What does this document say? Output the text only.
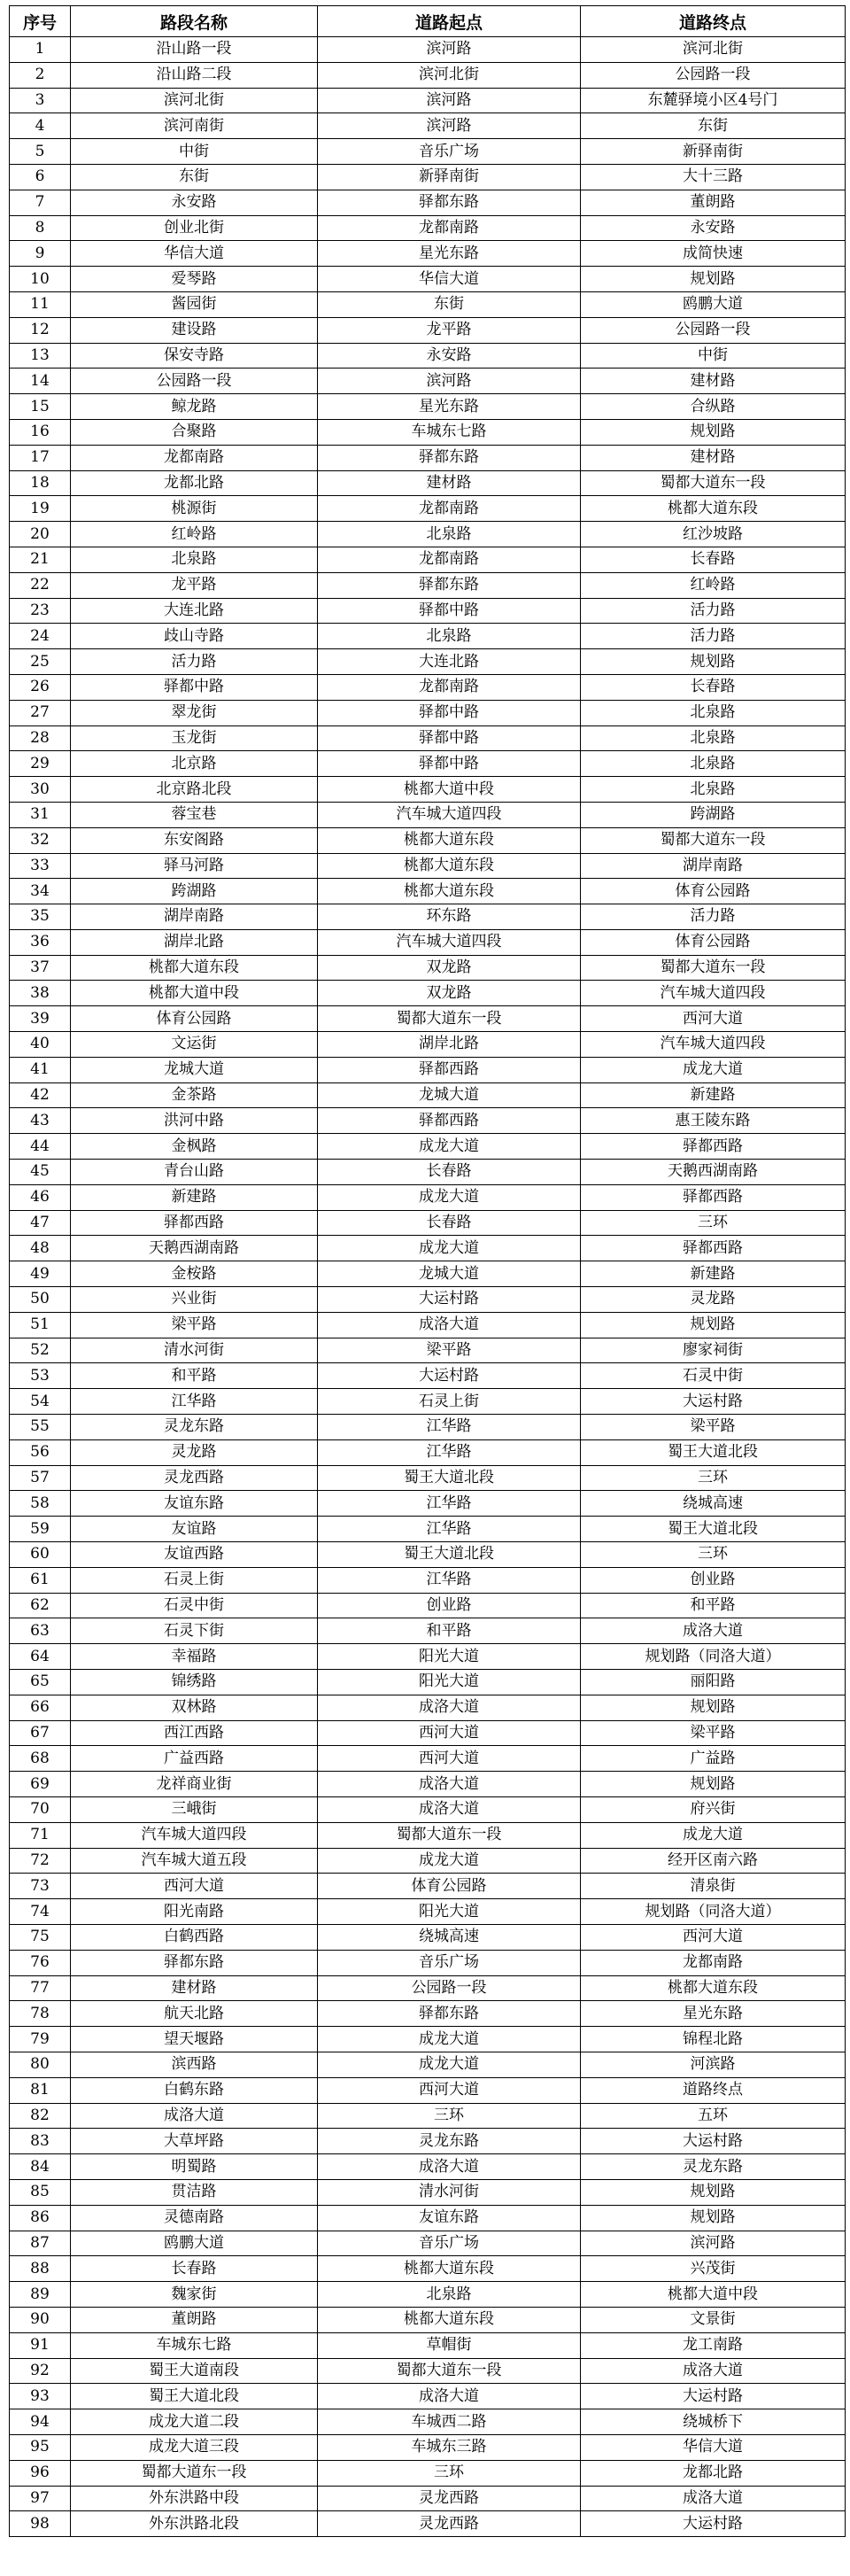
序号	路段名称	道路起点	道路终点
1	沿山路一段	滨河路	滨河北街
2	沿山路二段	滨河北街	公园路一段
3	滨河北街	滨河路	东麓驿境小区4号门
4	滨河南街	滨河路	东街
5	中街	音乐广场	新驿南街
6	东街	新驿南街	大十三路
7	永安路	驿都东路	董朗路
8	创业北街	龙都南路	永安路
9	华信大道	星光东路	成简快速
10	爱琴路	华信大道	规划路
11	酱园街	东街	鸥鹏大道
12	建设路	龙平路	公园路一段
13	保安寺路	永安路	中街
14	公园路一段	滨河路	建材路
15	鲸龙路	星光东路	合纵路
16	合聚路	车城东七路	规划路
17	龙都南路	驿都东路	建材路
18	龙都北路	建材路	蜀都大道东一段
19	桃源街	龙都南路	桃都大道东段
20	红岭路	北泉路	红沙坡路
21	北泉路	龙都南路	长春路
22	龙平路	驿都东路	红岭路
23	大连北路	驿都中路	活力路
24	歧山寺路	北泉路	活力路
25	活力路	大连北路	规划路
26	驿都中路	龙都南路	长春路
27	翠龙街	驿都中路	北泉路
28	玉龙街	驿都中路	北泉路
29	北京路	驿都中路	北泉路
30	北京路北段	桃都大道中段	北泉路
31	蓉宝巷	汽车城大道四段	跨湖路
32	东安阁路	桃都大道东段	蜀都大道东一段
33	驿马河路	桃都大道东段	湖岸南路
34	跨湖路	桃都大道东段	体育公园路
35	湖岸南路	环东路	活力路
36	湖岸北路	汽车城大道四段	体育公园路
37	桃都大道东段	双龙路	蜀都大道东一段
38	桃都大道中段	双龙路	汽车城大道四段
39	体育公园路	蜀都大道东一段	西河大道
40	文运街	湖岸北路	汽车城大道四段
41	龙城大道	驿都西路	成龙大道
42	金茶路	龙城大道	新建路
43	洪河中路	驿都西路	惠王陵东路
44	金枫路	成龙大道	驿都西路
45	青台山路	长春路	天鹅西湖南路
46	新建路	成龙大道	驿都西路
47	驿都西路	长春路	三环
48	天鹅西湖南路	成龙大道	驿都西路
49	金桉路	龙城大道	新建路
50	兴业街	大运村路	灵龙路
51	梁平路	成洛大道	规划路
52	清水河街	梁平路	廖家祠街
53	和平路	大运村路	石灵中街
54	江华路	石灵上街	大运村路
55	灵龙东路	江华路	梁平路
56	灵龙路	江华路	蜀王大道北段
57	灵龙西路	蜀王大道北段	三环
58	友谊东路	江华路	绕城高速
59	友谊路	江华路	蜀王大道北段
60	友谊西路	蜀王大道北段	三环
61	石灵上街	江华路	创业路
62	石灵中街	创业路	和平路
63	石灵下街	和平路	成洛大道
64	幸福路	阳光大道	规划路（同洛大道）
65	锦绣路	阳光大道	丽阳路
66	双林路	成洛大道	规划路
67	西江西路	西河大道	梁平路
68	广益西路	西河大道	广益路
69	龙祥商业街	成洛大道	规划路
70	三峨街	成洛大道	府兴街
71	汽车城大道四段	蜀都大道东一段	成龙大道
72	汽车城大道五段	成龙大道	经开区南六路
73	西河大道	体育公园路	清泉街
74	阳光南路	阳光大道	规划路（同洛大道）
75	白鹤西路	绕城高速	西河大道
76	驿都东路	音乐广场	龙都南路
77	建材路	公园路一段	桃都大道东段
78	航天北路	驿都东路	星光东路
79	望天堰路	成龙大道	锦程北路
80	滨西路	成龙大道	河滨路
81	白鹤东路	西河大道	道路终点
82	成洛大道	三环	五环
83	大草坪路	灵龙东路	大运村路
84	明蜀路	成洛大道	灵龙东路
85	贯洁路	清水河街	规划路
86	灵德南路	友谊东路	规划路
87	鸥鹏大道	音乐广场	滨河路
88	长春路	桃都大道东段	兴茂街
89	魏家街	北泉路	桃都大道中段
90	董朗路	桃都大道东段	文景街
91	车城东七路	草帽街	龙工南路
92	蜀王大道南段	蜀都大道东一段	成洛大道
93	蜀王大道北段	成洛大道	大运村路
94	成龙大道二段	车城西二路	绕城桥下
95	成龙大道三段	车城东三路	华信大道
96	蜀都大道东一段	三环	龙都北路
97	外东洪路中段	灵龙西路	成洛大道
98	外东洪路北段	灵龙西路	大运村路
